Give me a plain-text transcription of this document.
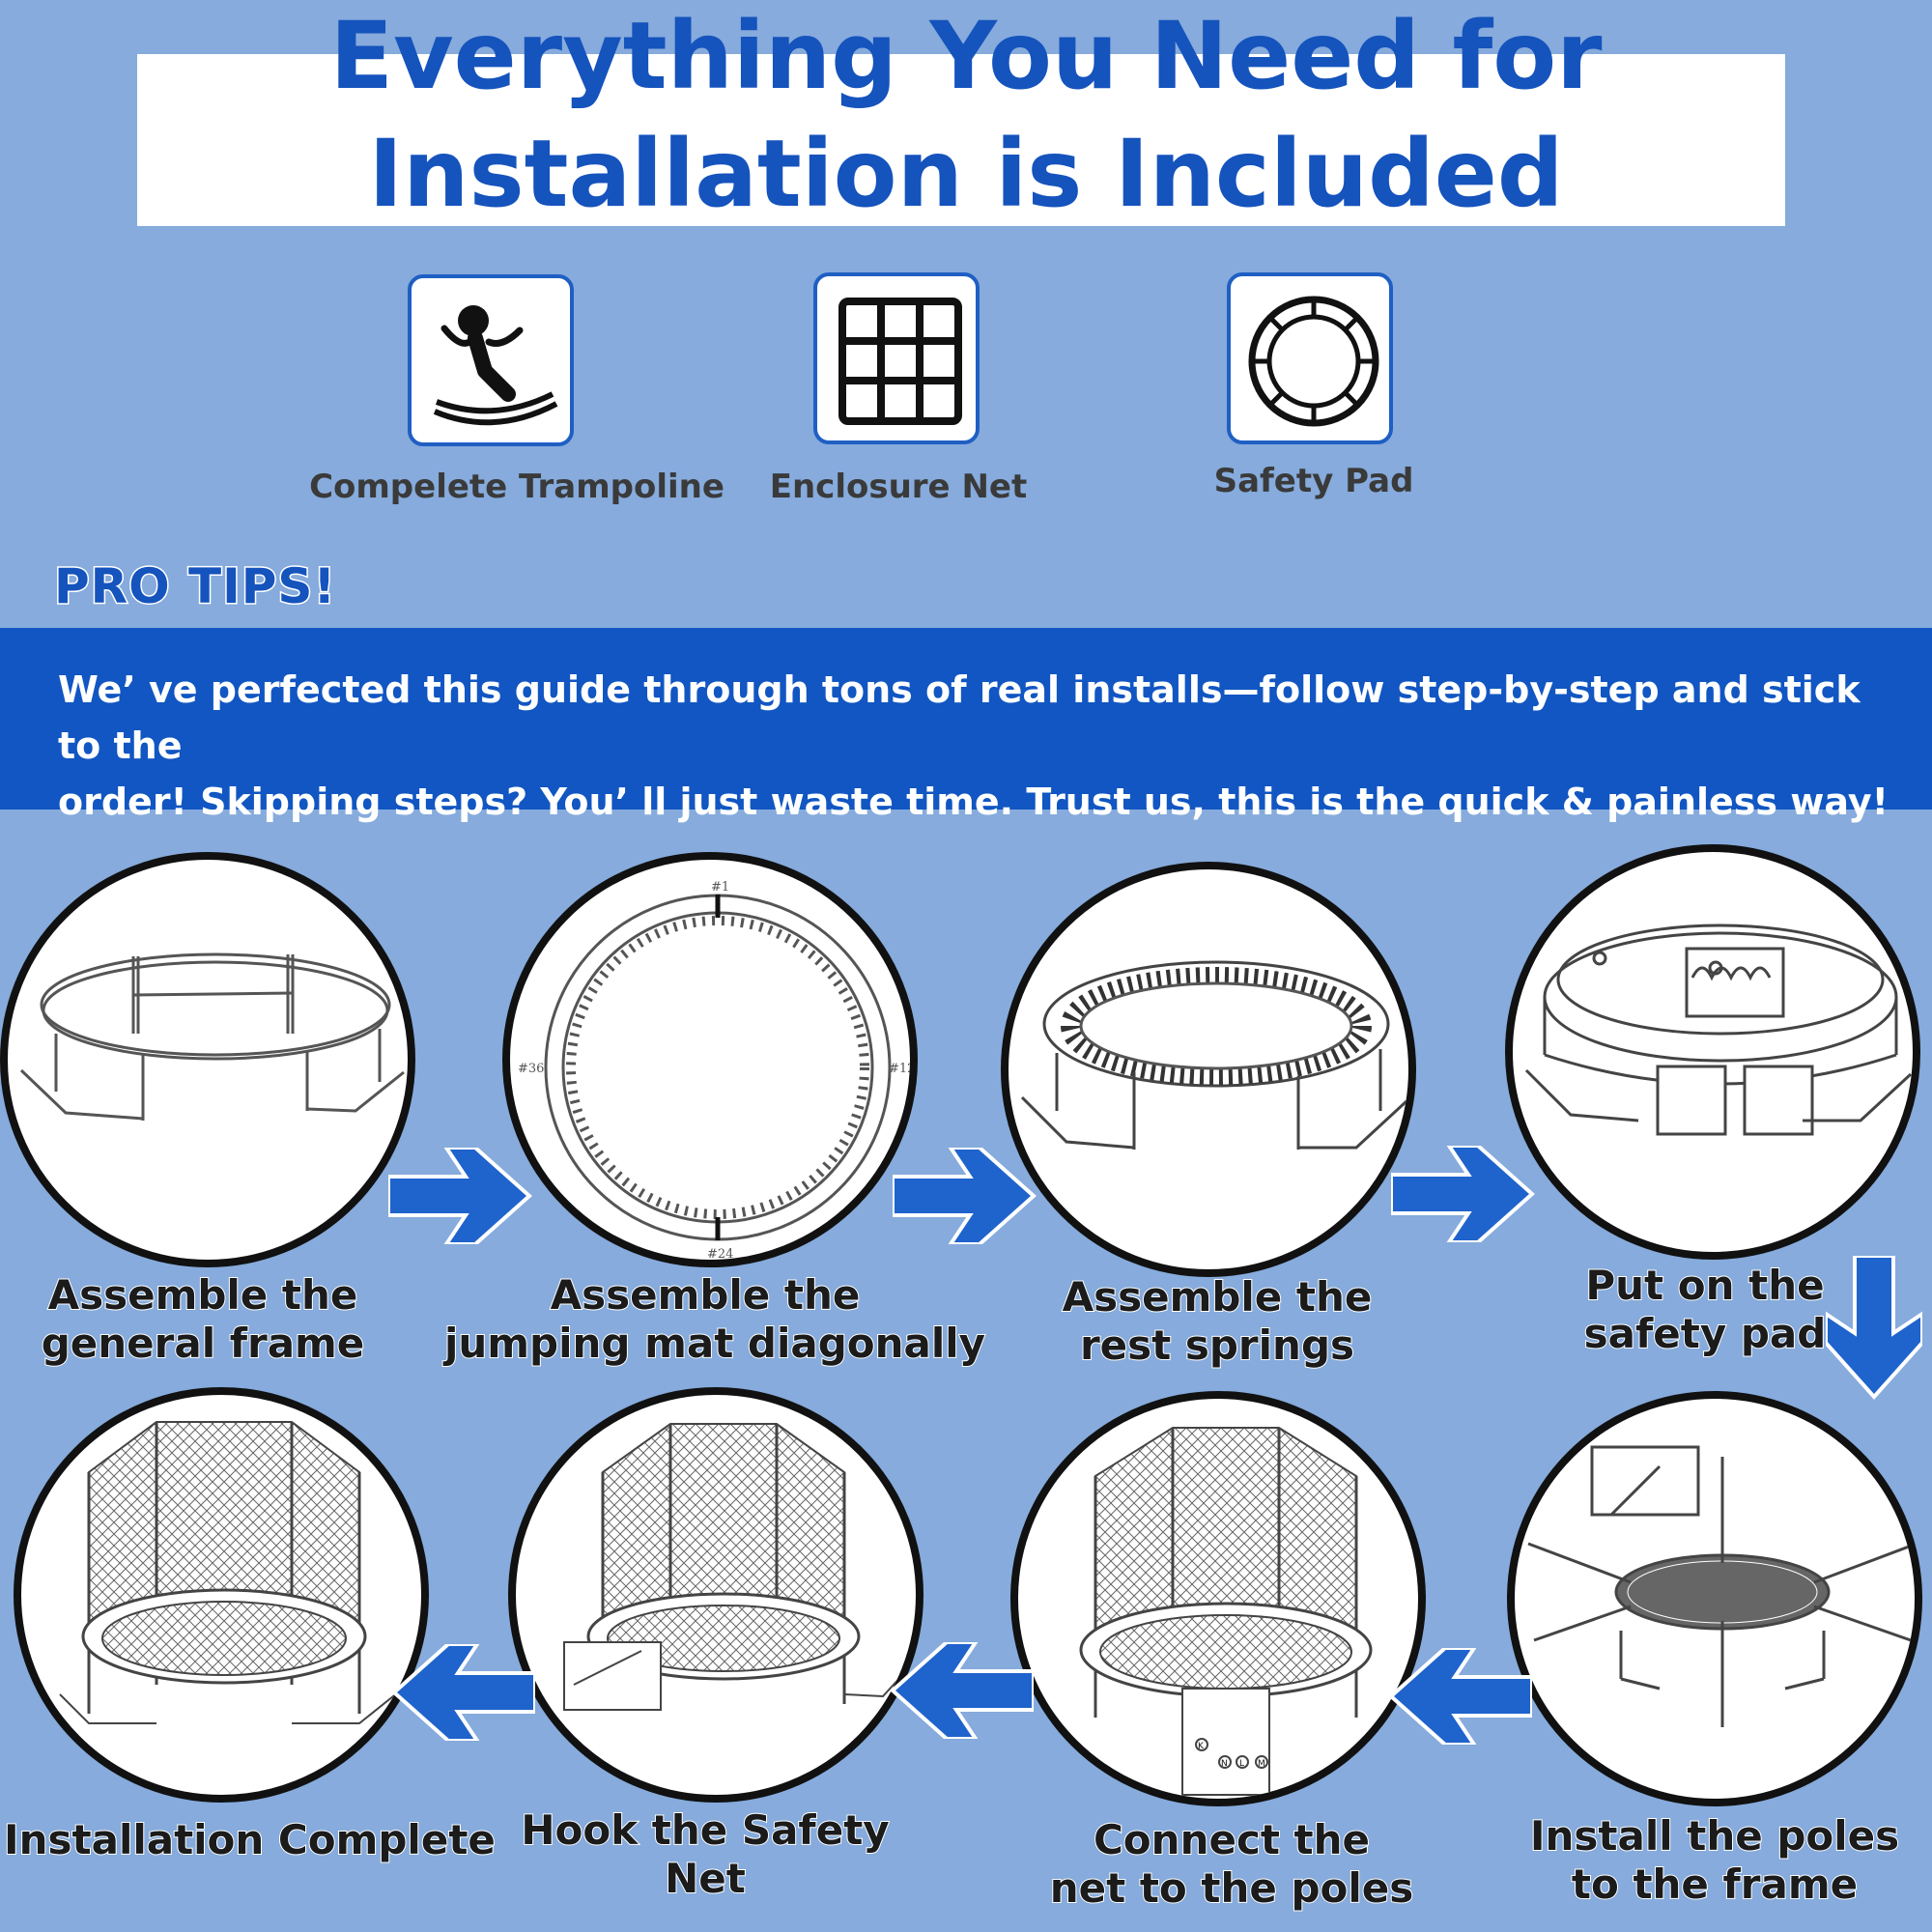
Everything You Need for
Installation is Included
Compelete Trampoline	Enclosure Net	Safety Pad
PRO TIPS!

We’ ve perfected this guide through tons of real installs—follow step-by-step and stick to the
order! Skipping steps? You’ ll just waste time. Trust us, this is the quick & painless way!

Assemble the
general frame
#1
#12
#24
#36
Assemble the
jumping mat diagonally
Assemble the
rest springs
Put on the
safety pad
Install the poles
to the frame
K
N L M
Connect the
net to the poles
Hook the Safety
Net
Installation Complete
